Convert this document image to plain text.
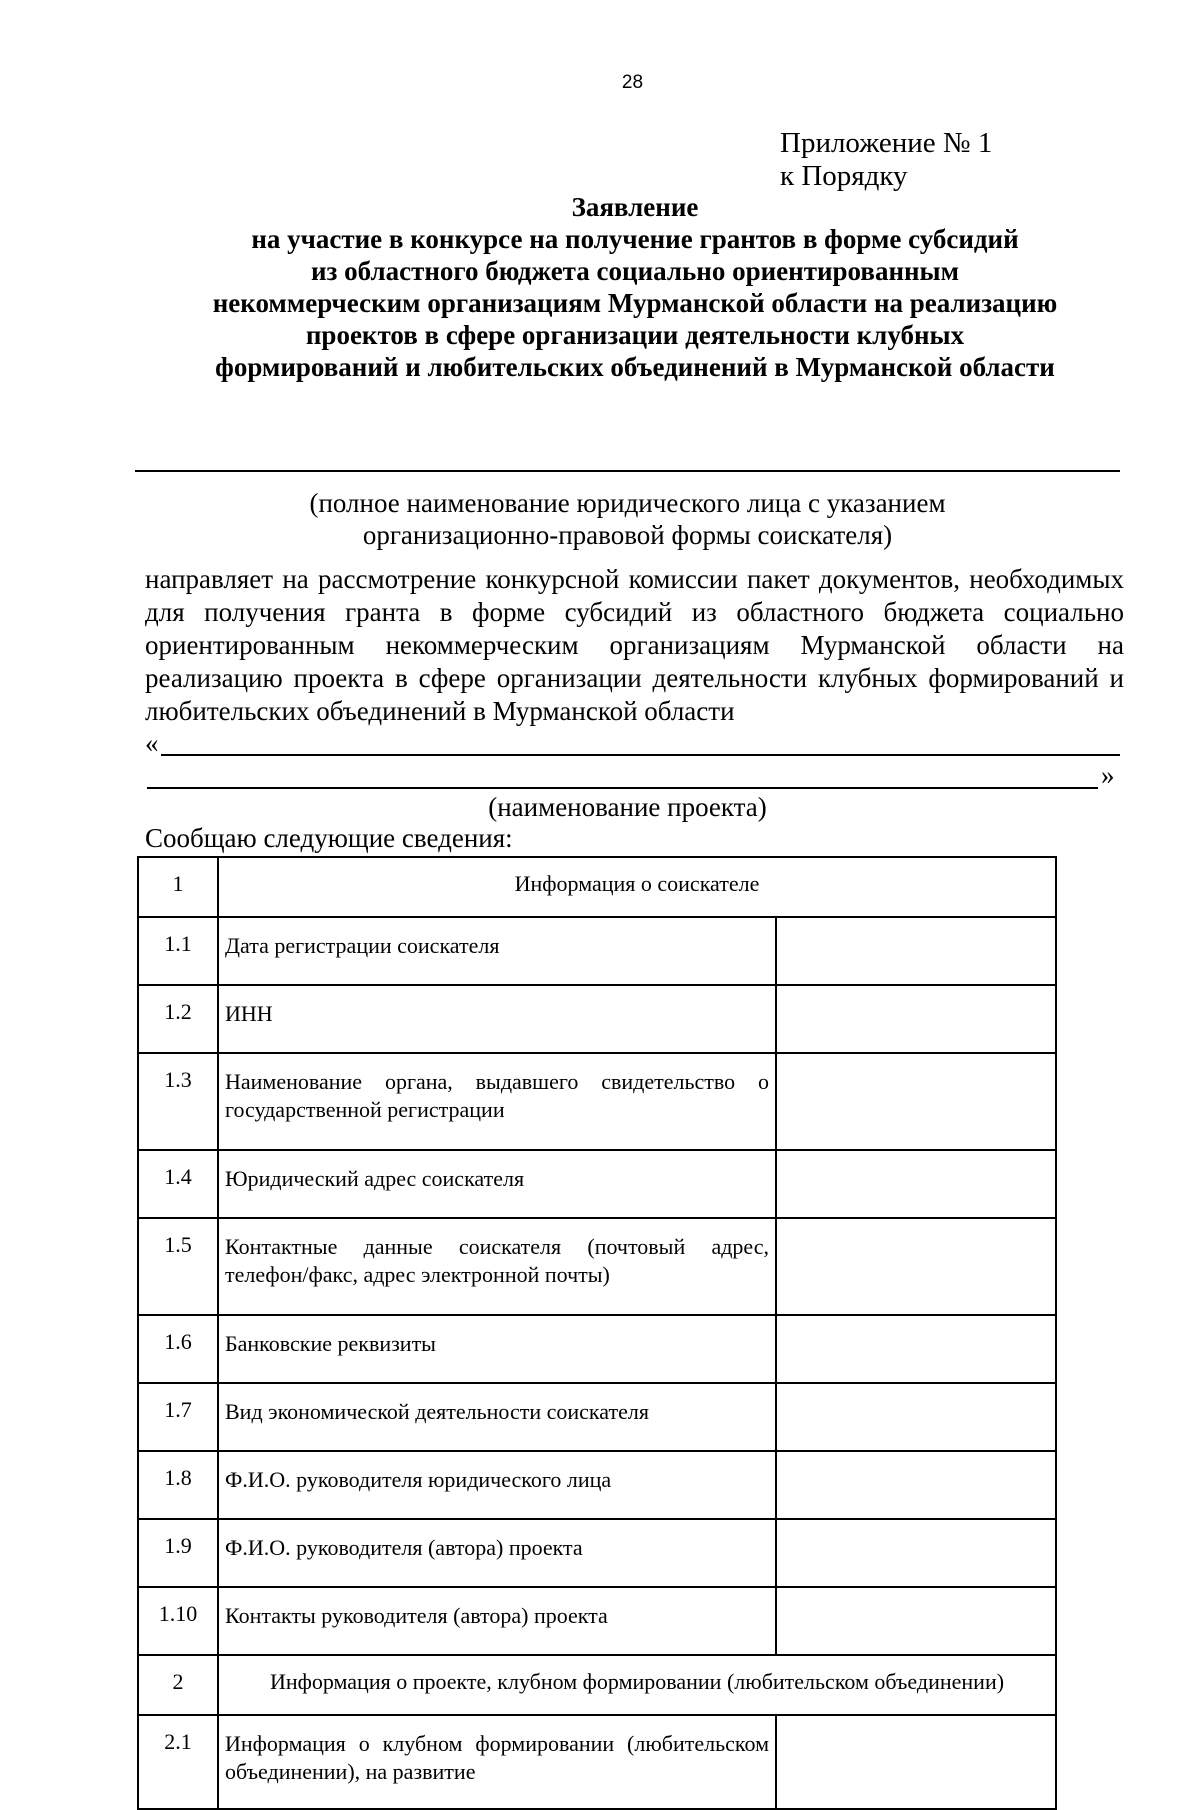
28
Приложение № 1
к Порядку
Заявление
на участие в конкурсе на получение грантов в форме субсидий
из областного бюджета социально ориентированным
некоммерческим организациям Мурманской области на реализацию
проектов в сфере организации деятельности клубных
формирований и любительских объединений в Мурманской области
(полное наименование юридического лица с указанием
организационно-правовой формы соискателя)
направляет на рассмотрение конкурсной комиссии пакет документов, необходимых для получения гранта в форме субсидий из областного бюджета социально ориентированным некоммерческим организациям Мурманской области на реализацию проекта в сфере организации деятельности клубных формирований и любительских объединений в Мурманской области
«
»
(наименование проекта)
Сообщаю следующие сведения:
1	Информация о соискателе	
1.1	Дата регистрации соискателя	
1.2	ИНН	
1.3	Наименование органа, выдавшего свидетельство о государственной регистрации	
1.4	Юридический адрес соискателя	
1.5	Контактные данные соискателя (почтовый адрес, телефон/факс, адрес электронной почты)	
1.6	Банковские реквизиты	
1.7	Вид экономической деятельности соискателя	
1.8	Ф.И.О. руководителя юридического лица	
1.9	Ф.И.О. руководителя (автора) проекта	
1.10	Контакты руководителя (автора) проекта	
2	Информация о проекте, клубном формировании (любительском объединении)	
2.1	Информация о клубном формировании (любительском объединении), на развитие	
